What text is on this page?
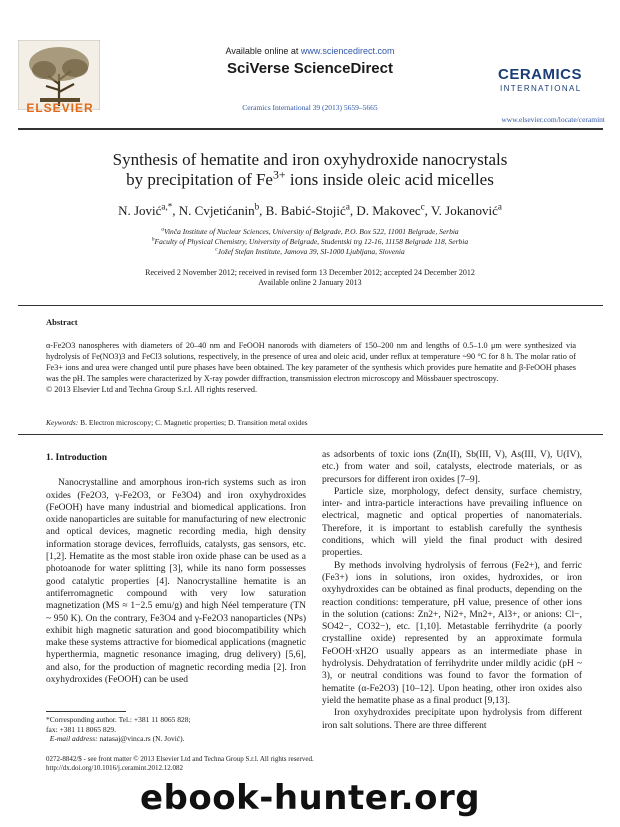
ELSEVIER
Available online at www.sciencedirect.com
SciVerse ScienceDirect
Ceramics International 39 (2013) 5659–5665
CERAMICS
INTERNATIONAL
www.elsevier.com/locate/ceramint
Synthesis of hematite and iron oxyhydroxide nanocrystals
by precipitation of $Fe^{3+}$ ions inside oleic acid micelles
N. Jović$^{a,*}$, N. Cvjetićanin$^b$, B. Babić-Stojić$^a$, D. Makovec$^c$, V. Jokanović$^a$
$^a$Vinča Institute of Nuclear Sciences, University of Belgrade, P.O. Box 522, 11001 Belgrade, Serbia
$^b$Faculty of Physical Chemistry, University of Belgrade, Studentski trg 12-16, 11158 Belgrade 118, Serbia
$^c$Jožef Stefan Institute, Jamova 39, SI-1000 Ljubljana, Slovenia
Received 2 November 2012; received in revised form 13 December 2012; accepted 24 December 2012
Available online 2 January 2013
Abstract
α-Fe2O3 nanospheres with diameters of 20–40 nm and FeOOH nanorods with diameters of 150–200 nm and lengths of 0.5–1.0 μm were synthesized via hydrolysis of Fe(NO3)3 and FeCl3 solutions, respectively, in the presence of urea and oleic acid, under reflux at temperature ~90 °C for 8 h. The molar ratio of Fe3+ ions and urea were changed until pure phases have been obtained. The key parameter of the synthesis which provides pure hematite and β-FeOOH phases was the pH. The samples were characterized by X-ray powder diffraction, transmission electron microscopy and Mössbauer spectroscopy.
© 2013 Elsevier Ltd and Techna Group S.r.l. All rights reserved.
Keywords: B. Electron microscopy; C. Magnetic properties; D. Transition metal oxides

1. Introduction

Nanocrystalline and amorphous iron-rich systems such as iron oxides (Fe2O3, γ-Fe2O3, or Fe3O4) and iron oxyhydroxides (FeOOH) have many industrial and biomedical applications. Iron oxide nanoparticles are suitable for manufacturing of new electronic and optical devices, magnetic recording media, high density information storage devices, ferrofluids, catalysts, gas sensors, etc. [1,2]. Hematite as the most stable iron oxide phase can be used as a photoanode for water splitting [3], while its nano form possesses good catalytic properties [4]. Nanocrystalline hematite is an antiferromagnetic compound with very low saturation magnetization (MS ≈ 1−2.5 emu/g) and high Néel temperature (TN ~ 950 K). On the contrary, Fe3O4 and γ-Fe2O3 nanoparticles (NPs) exhibit high magnetic saturation and good biocompatibility which make these systems attractive for biomedical applications (magnetic hyperthermia, magnetic resonance imaging, drug delivery) [5,6], and also, for the production of magnetic recording media [2]. Iron oxyhydroxides (FeOOH) can be used

as adsorbents of toxic ions (Zn(II), Sb(III, V), As(III, V), U(IV), etc.) from water and soil, catalysts, electrode materials, or as precursors for different iron oxides [7–9].

Particle size, morphology, defect density, surface chemistry, inter- and intra-particle interactions have prevailing influence on electrical, magnetic and optical properties of nanomaterials. Therefore, it is important to establish carefully the synthesis conditions, which will yield the final product with desired properties.

By methods involving hydrolysis of ferrous (Fe2+), and ferric (Fe3+) ions in solutions, iron oxides, hydroxides, or iron oxyhydroxides can be obtained as final products, depending on the reaction conditions: temperature, pH value, presence of other ions in the solution (cations: Zn2+, Ni2+, Mn2+, Al3+, or anions: Cl−, SO42−, CO32−), etc. [1,10]. Metastable ferrihydrite (a poorly crystalline oxide) represented by an approximate formula FeOOH·xH2O usually appears as an intermediate phase in hydrolysis. Dehydratation of ferrihydrite under mildly acidic (pH ~ 3), or neutral conditions was found to favor the formation of hematite (α-Fe2O3) [10–12]. Upon heating, other iron oxides also yield the hematite phase as a final product [9,13].

Iron oxyhydroxides precipitate upon hydrolysis from different iron salt solutions. There are three different

*Corresponding author. Tel.: +381 11 8065 828;
fax: +381 11 8065 829.
E-mail address: natasaj@vinca.rs (N. Jović).
0272-8842/$ - see front matter © 2013 Elsevier Ltd and Techna Group S.r.l. All rights reserved.
http://dx.doi.org/10.1016/j.ceramint.2012.12.082
ebook-hunter.org
